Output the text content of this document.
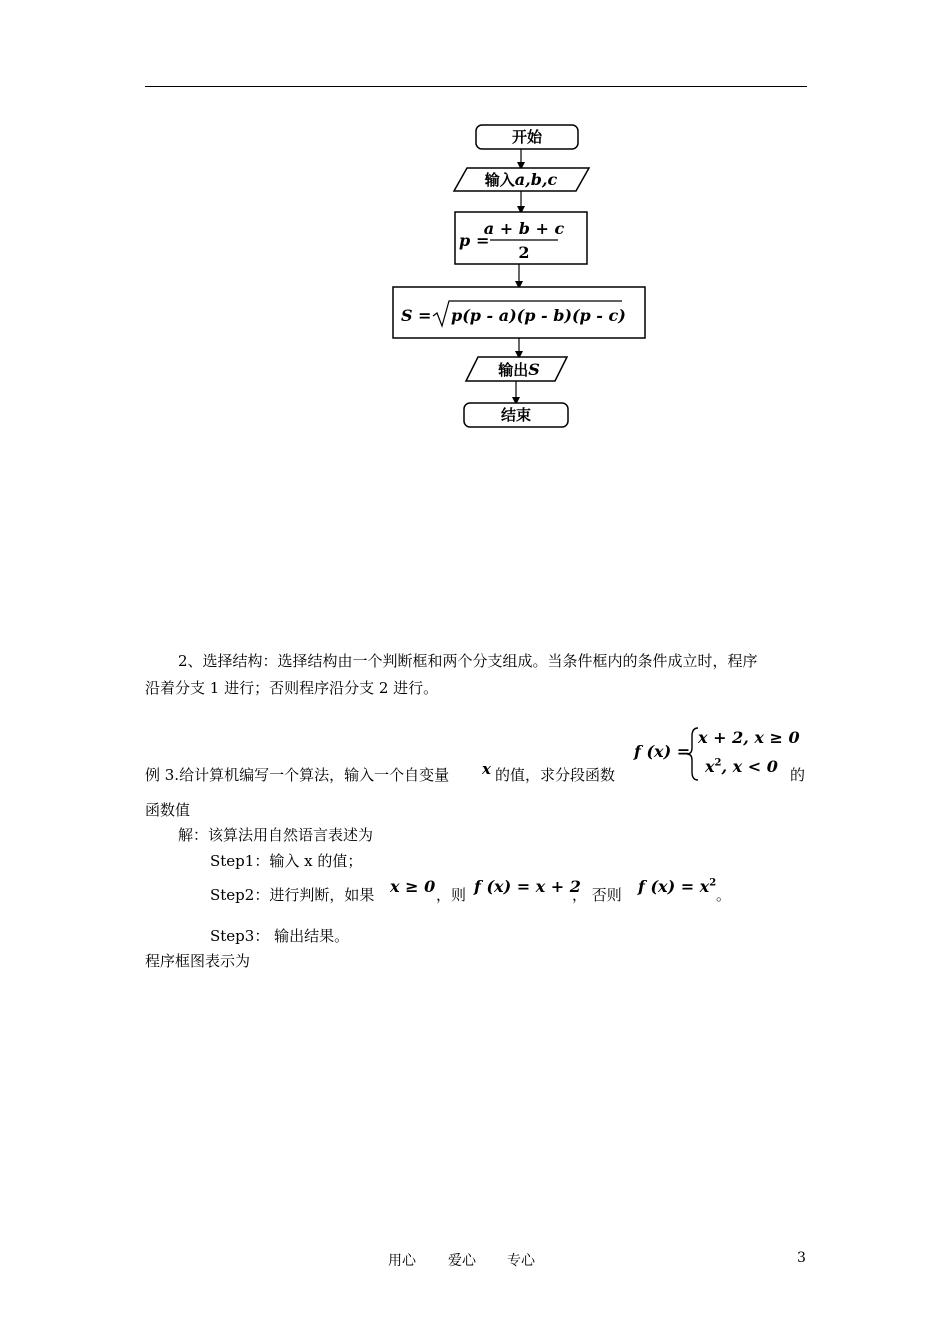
开始
输入a,b,c
p =
a + b + c
2
S = p(p - a)(p - b)(p - c)
输出S
结束
2、选择结构：选择结构由一个判断框和两个分支组成。当条件框内的条件成立时，程序
沿着分支 1 进行；否则程序沿分支 2 进行。
例 3.给计算机编写一个算法，输入一个自变量 x 的值，求分段函数
f (x) =
x + 2, x ≥ 0
$x^2$, x < 0 的
函数值
解：该算法用自然语言表述为
Step1：输入 x 的值；
Step2：进行判断，如果 x ≥ 0 ，则 f (x) = x + 2
， 否则 f $(x) = x^2$
。
Step3： 输出结果。
程序框图表示为
用心 爱心 专心	3
